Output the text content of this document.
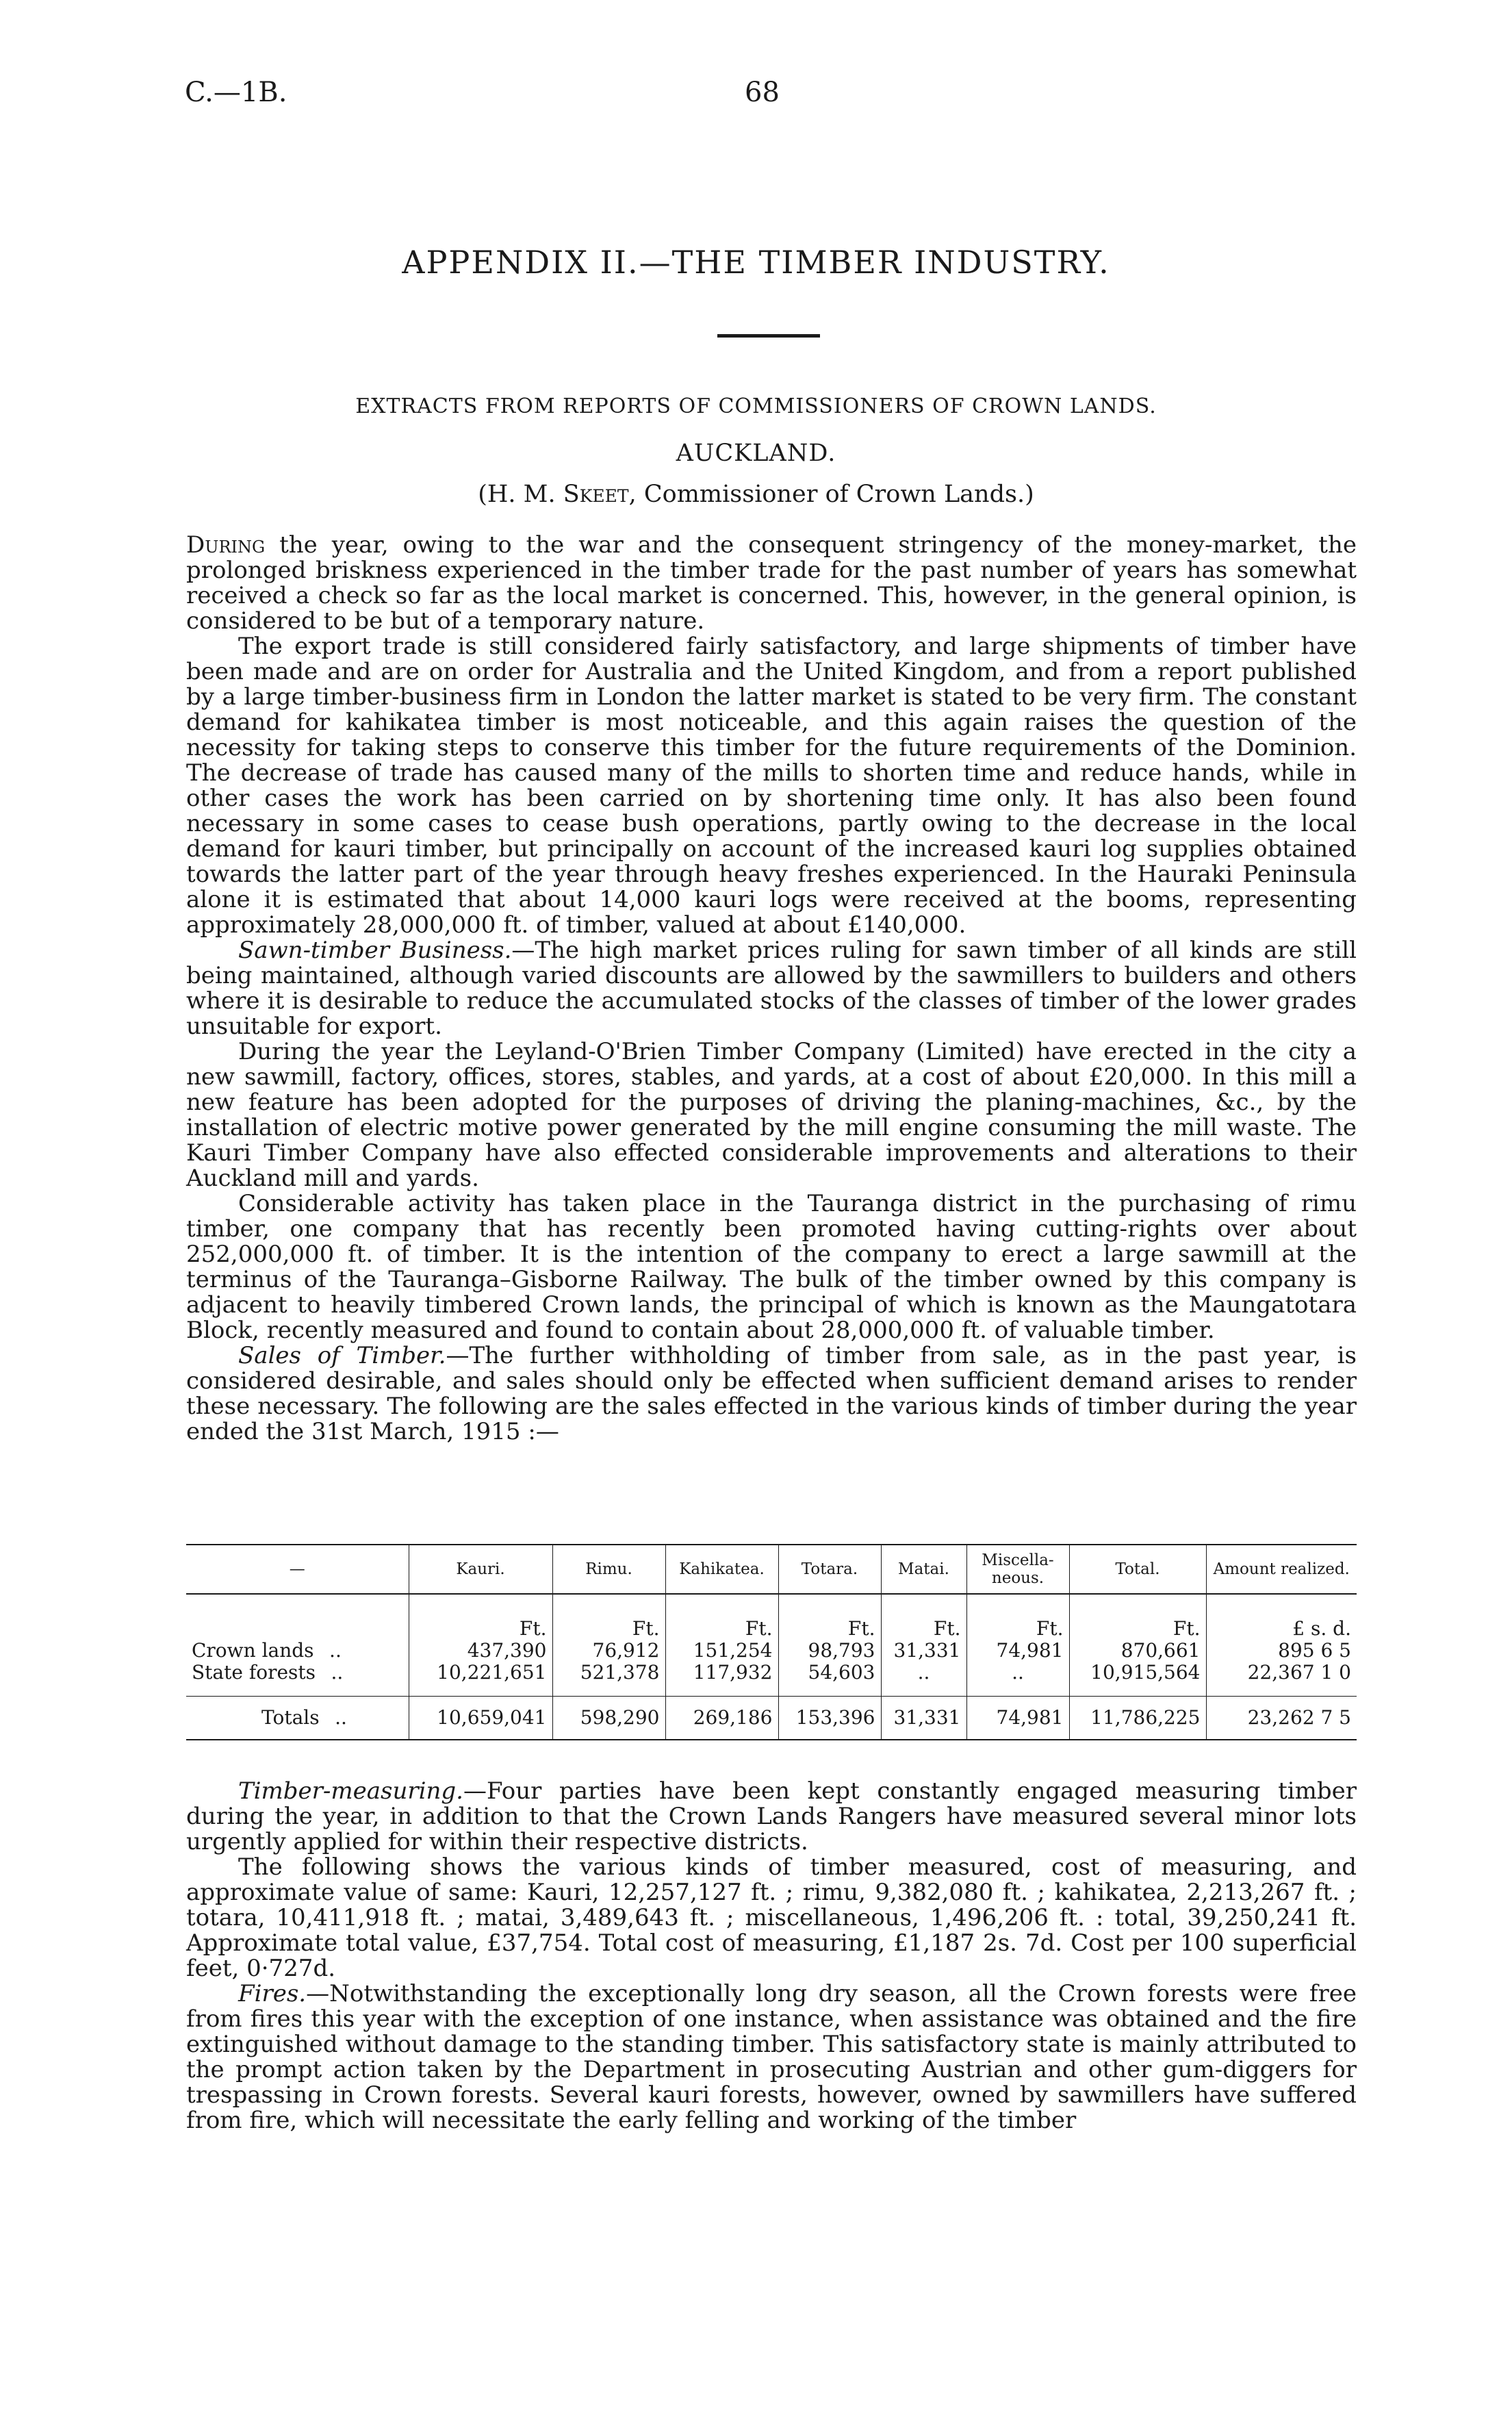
C.—1B.	68
APPENDIX II.—THE TIMBER INDUSTRY.
EXTRACTS FROM REPORTS OF COMMISSIONERS OF CROWN LANDS.
AUCKLAND.
(H. M. Skeet, Commissioner of Crown Lands.)

During the year, owing to the war and the consequent stringency of the money-market, the prolonged briskness experienced in the timber trade for the past number of years has somewhat received a check so far as the local market is concerned. This, however, in the general opinion, is considered to be but of a temporary nature.

The export trade is still considered fairly satisfactory, and large shipments of timber have been made and are on order for Australia and the United Kingdom, and from a report published by a large timber-business firm in London the latter market is stated to be very firm. The constant demand for kahikatea timber is most noticeable, and this again raises the question of the necessity for taking steps to conserve this timber for the future requirements of the Dominion. The decrease of trade has caused many of the mills to shorten time and reduce hands, while in other cases the work has been carried on by shortening time only. It has also been found necessary in some cases to cease bush operations, partly owing to the decrease in the local demand for kauri timber, but principally on account of the increased kauri log supplies obtained towards the latter part of the year through heavy freshes experienced. In the Hauraki Peninsula alone it is estimated that about 14,000 kauri logs were received at the booms, representing approximately 28,000,000 ft. of timber, valued at about £140,000.

Sawn-timber Business.—The high market prices ruling for sawn timber of all kinds are still being maintained, although varied discounts are allowed by the sawmillers to builders and others where it is desirable to reduce the accumulated stocks of the classes of timber of the lower grades unsuitable for export.

During the year the Leyland-O'Brien Timber Company (Limited) have erected in the city a new sawmill, factory, offices, stores, stables, and yards, at a cost of about £20,000. In this mill a new feature has been adopted for the purposes of driving the planing-machines, &c., by the installation of electric motive power generated by the mill engine consuming the mill waste. The Kauri Timber Company have also effected considerable improvements and alterations to their Auckland mill and yards.

Considerable activity has taken place in the Tauranga district in the purchasing of rimu timber, one company that has recently been promoted having cutting-rights over about 252,000,000 ft. of timber. It is the intention of the company to erect a large sawmill at the terminus of the Tauranga–Gisborne Railway. The bulk of the timber owned by this company is adjacent to heavily timbered Crown lands, the principal of which is known as the Maungatotara Block, recently measured and found to contain about 28,000,000 ft. of valuable timber.

Sales of Timber.—The further withholding of timber from sale, as in the past year, is considered desirable, and sales should only be effected when sufficient demand arises to render these necessary. The following are the sales effected in the various kinds of timber during the year ended the 31st March, 1915 :—

—	Kauri.	Rimu.	Kahikatea.	Totara.	Matai.	Miscella-neous.	Total.	Amount realized.
	Ft.	Ft.	Ft.	Ft.	Ft.	Ft.	Ft.	£ s. d.
Crown lands ..	437,390	76,912	151,254	98,793	31,331	74,981	870,661	895 6 5
State forests ..	10,221,651	521,378	117,932	54,603	..	..	10,915,564	22,367 1 0

Totals ..	10,659,041	598,290	269,186	153,396	31,331	74,981	11,786,225	23,262 7 5

Timber-measuring.—Four parties have been kept constantly engaged measuring timber during the year, in addition to that the Crown Lands Rangers have measured several minor lots urgently applied for within their respective districts.

The following shows the various kinds of timber measured, cost of measuring, and approximate value of same: Kauri, 12,257,127 ft. ; rimu, 9,382,080 ft. ; kahikatea, 2,213,267 ft. ; totara, 10,411,918 ft. ; matai, 3,489,643 ft. ; miscellaneous, 1,496,206 ft. : total, 39,250,241 ft. Approximate total value, £37,754. Total cost of measuring, £1,187 2s. 7d. Cost per 100 superficial feet, 0·727d.

Fires.—Notwithstanding the exceptionally long dry season, all the Crown forests were free from fires this year with the exception of one instance, when assistance was obtained and the fire extinguished without damage to the standing timber. This satisfactory state is mainly attributed to the prompt action taken by the Department in prosecuting Austrian and other gum-diggers for trespassing in Crown forests. Several kauri forests, however, owned by sawmillers have suffered from fire, which will necessitate the early felling and working of the timber
